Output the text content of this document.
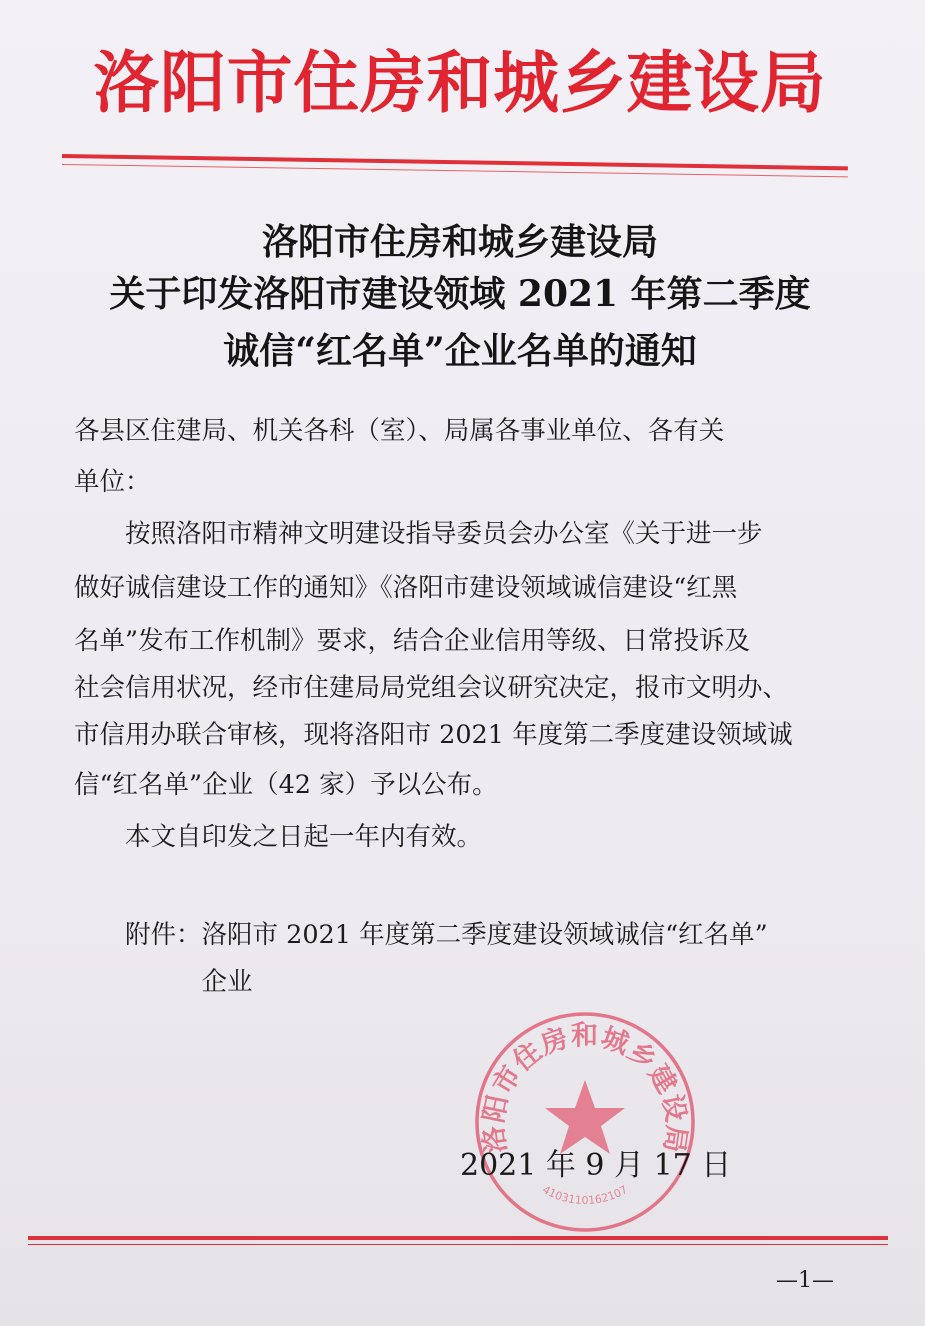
洛阳市住房和城乡建设局
洛阳市住房和城乡建设局
关于印发洛阳市建设领域 2021 年第二季度
诚信“红名单”企业名单的通知
各县区住建局、机关各科（室）、局属各事业单位、各有关
单位：
　　按照洛阳市精神文明建设指导委员会办公室《关于进一步
做好诚信建设工作的通知》《洛阳市建设领域诚信建设“红黑
名单”发布工作机制》要求，结合企业信用等级、日常投诉及
社会信用状况，经市住建局局党组会议研究决定，报市文明办、
市信用办联合审核，现将洛阳市 2021 年度第二季度建设领域诚
信“红名单”企业（42 家）予以公布。
　　本文自印发之日起一年内有效。
　　附件：洛阳市 2021 年度第二季度建设领域诚信“红名单”
　　　　　企业
洛阳市住房和城乡建设局
4103110162107
2021 年 9 月 17 日
—1—
